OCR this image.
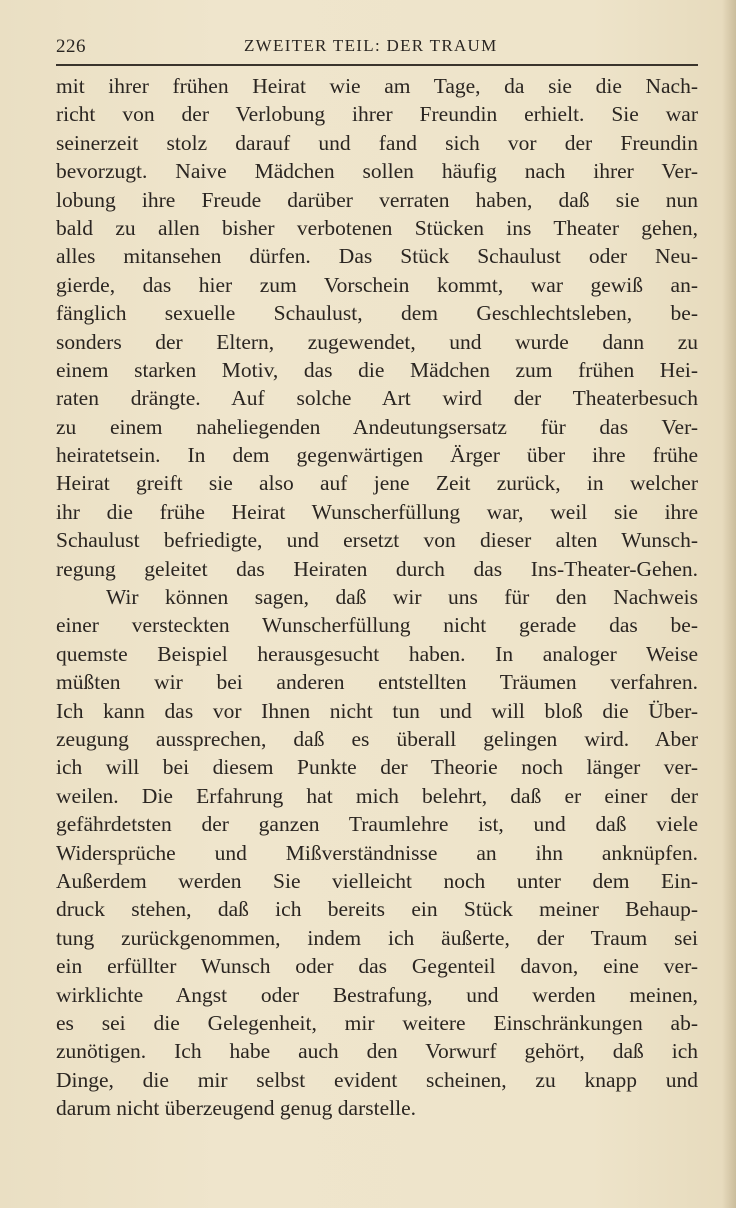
226	ZWEITER TEIL: DER TRAUM
mit ihrer frühen Heirat wie am Tage, da sie die Nach-
richt von der Verlobung ihrer Freundin erhielt. Sie war
seinerzeit stolz darauf und fand sich vor der Freundin
bevorzugt. Naive Mädchen sollen häufig nach ihrer Ver-
lobung ihre Freude darüber verraten haben, daß sie nun
bald zu allen bisher verbotenen Stücken ins Theater gehen,
alles mitansehen dürfen. Das Stück Schaulust oder Neu-
gierde, das hier zum Vorschein kommt, war gewiß an-
fänglich sexuelle Schaulust, dem Geschlechtsleben, be-
sonders der Eltern, zugewendet, und wurde dann zu
einem starken Motiv, das die Mädchen zum frühen Hei-
raten drängte. Auf solche Art wird der Theaterbesuch
zu einem naheliegenden Andeutungsersatz für das Ver-
heiratetsein. In dem gegenwärtigen Ärger über ihre frühe
Heirat greift sie also auf jene Zeit zurück, in welcher
ihr die frühe Heirat Wunscherfüllung war, weil sie ihre
Schaulust befriedigte, und ersetzt von dieser alten Wunsch-
regung geleitet das Heiraten durch das Ins-Theater-Gehen.
Wir können sagen, daß wir uns für den Nachweis
einer versteckten Wunscherfüllung nicht gerade das be-
quemste Beispiel herausgesucht haben. In analoger Weise
müßten wir bei anderen entstellten Träumen verfahren.
Ich kann das vor Ihnen nicht tun und will bloß die Über-
zeugung aussprechen, daß es überall gelingen wird. Aber
ich will bei diesem Punkte der Theorie noch länger ver-
weilen. Die Erfahrung hat mich belehrt, daß er einer der
gefährdetsten der ganzen Traumlehre ist, und daß viele
Widersprüche und Mißverständnisse an ihn anknüpfen.
Außerdem werden Sie vielleicht noch unter dem Ein-
druck stehen, daß ich bereits ein Stück meiner Behaup-
tung zurückgenommen, indem ich äußerte, der Traum sei
ein erfüllter Wunsch oder das Gegenteil davon, eine ver-
wirklichte Angst oder Bestrafung, und werden meinen,
es sei die Gelegenheit, mir weitere Einschränkungen ab-
zunötigen. Ich habe auch den Vorwurf gehört, daß ich
Dinge, die mir selbst evident scheinen, zu knapp und
darum nicht überzeugend genug darstelle.
